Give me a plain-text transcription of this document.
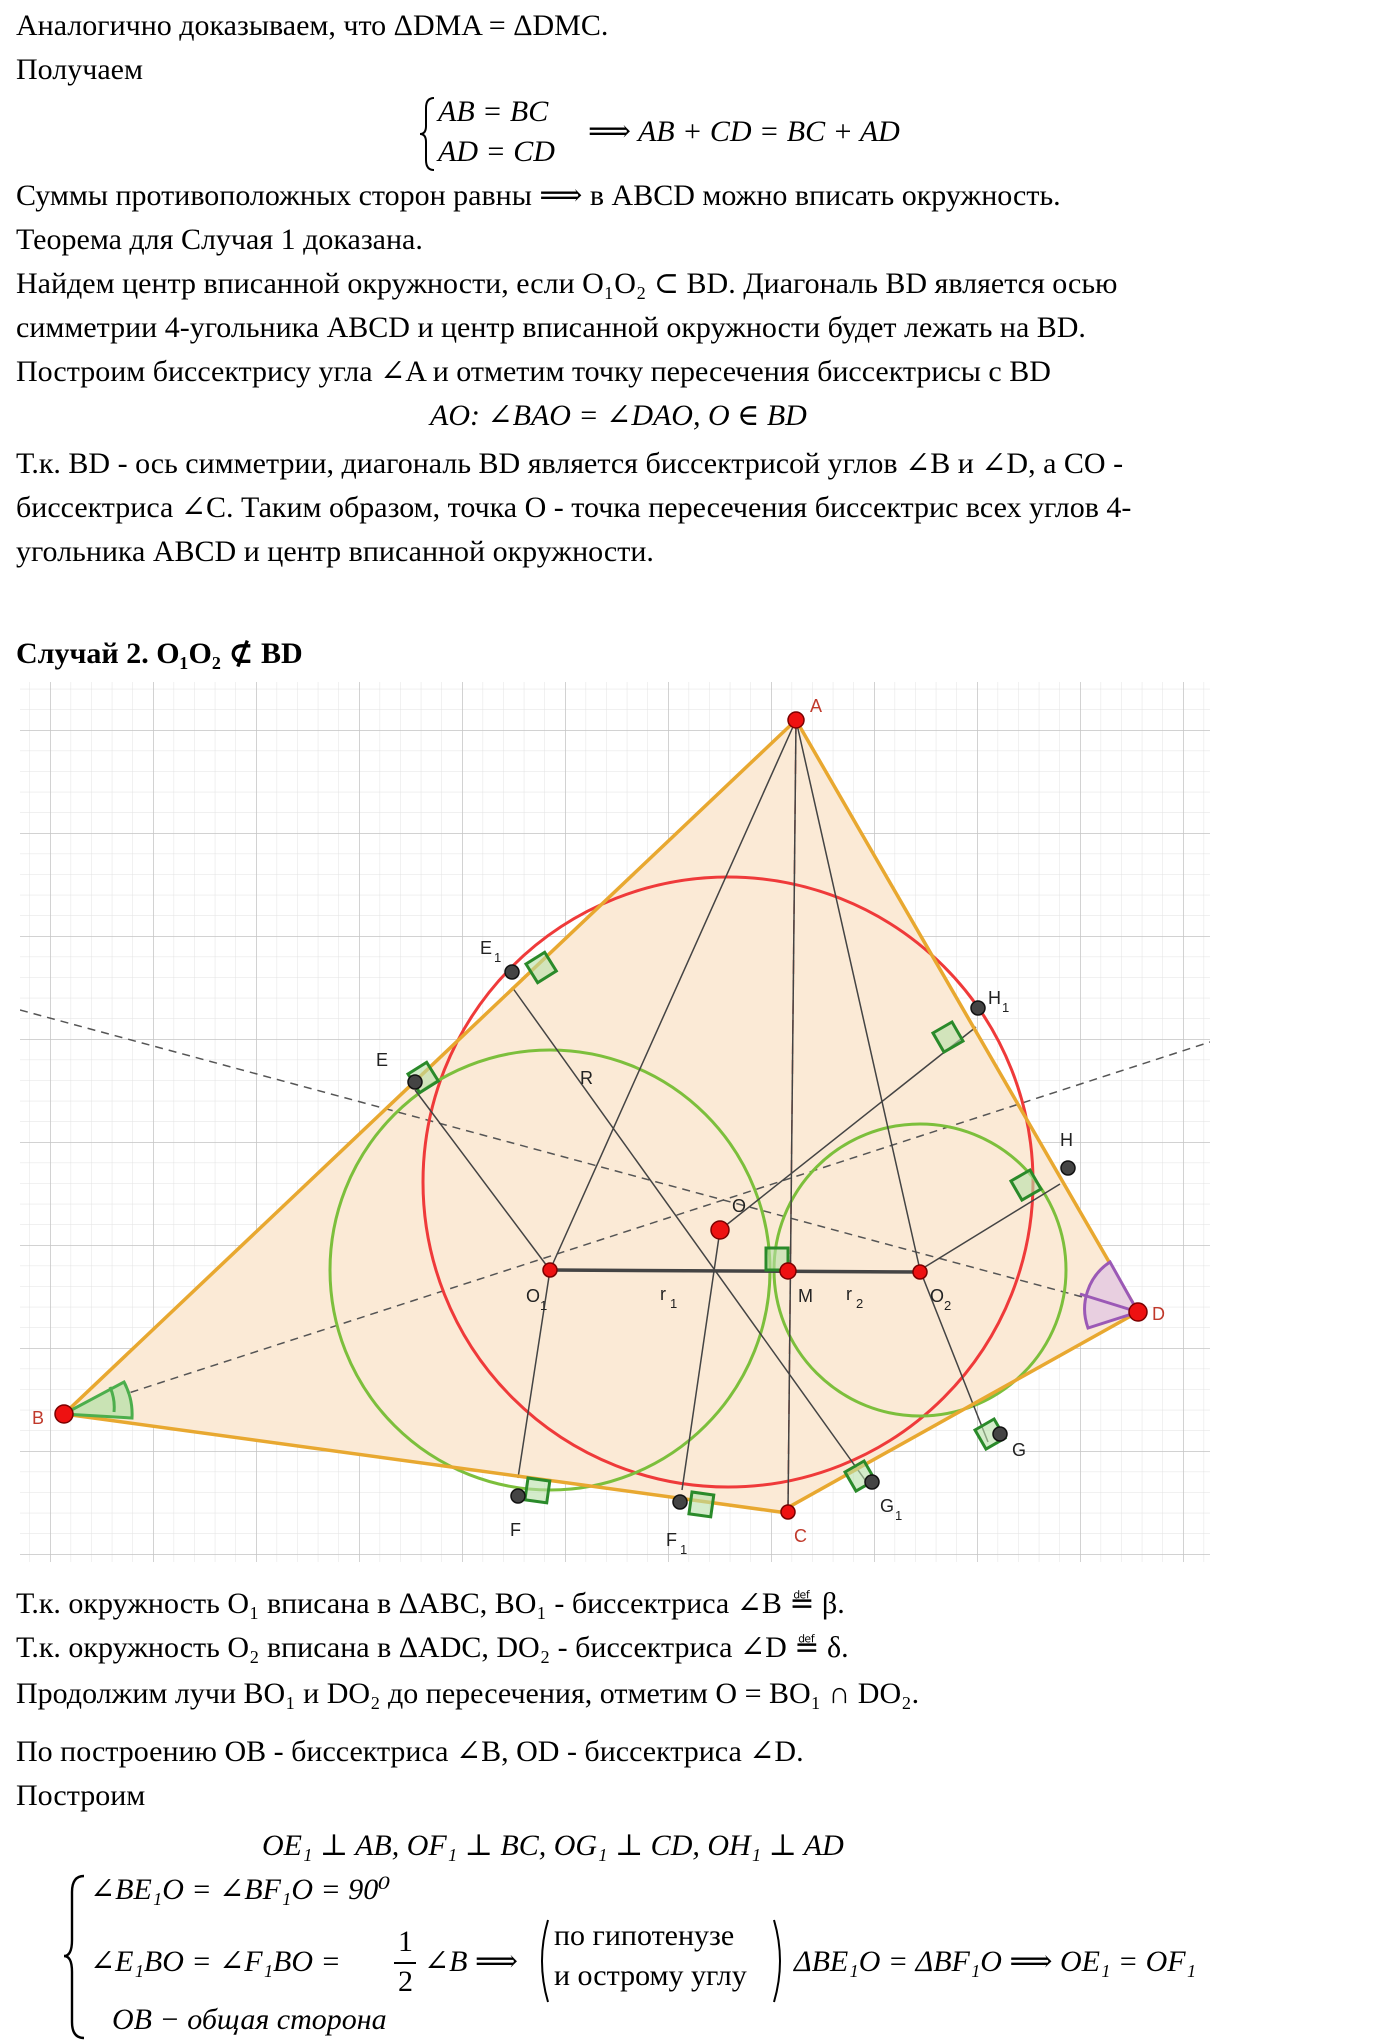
Аналогично доказываем, что ΔDMA = ΔDMC.
Получаем
AB = BC
AD = CD
⟹ AB + CD = BC + AD
Суммы противоположных сторон равны ⟹ в ABCD можно вписать окружность.
Теорема для Случая 1 доказана.
Найдем центр вписанной окружности, если O₁O₂ ⊂ BD. Диагональ BD является осью
симметрии 4-угольника ABCD и центр вписанной окружности будет лежать на BD.
Построим биссектрису угла ∠A и отметим точку пересечения биссектрисы с BD
AO: ∠BAO = ∠DAO, O ∈ BD
Т.к. BD - ось симметрии, диагональ BD является биссектрисой углов ∠B и ∠D, а CO -
биссектриса ∠C. Таким образом, точка O - точка пересечения биссектрис всех углов 4-
угольника ABCD и центр вписанной окружности.
Случай 2. O₁O₂ ⊄ BD
A
B
C
D
E
E 1
F	F 1
G
G 1
H
H 1
O
O 1	O 2
M
R
r 1	r 2
Т.к. окружность O₁ вписана в ΔABC, BO₁ - биссектриса ∠B ≝ β.
Т.к. окружность O₂ вписана в ΔADC, DO₂ - биссектриса ∠D ≝ δ.
Продолжим лучи BO₁ и DO₂ до пересечения, отметим O = BO₁ ∩ DO₂.
По построению OB - биссектриса ∠B, OD - биссектриса ∠D.
Построим
OE₁ ⊥ AB, OF₁ ⊥ BC, OG₁ ⊥ CD, OH₁ ⊥ AD
∠BE₁O = ∠BF₁O = 90⁰
∠E₁BO = ∠F₁BO =
1
2
∠B ⟹
по гипотенузе
и острому углу ΔBE₁O = ΔBF₁O ⟹ OE₁ = OF₁
OB − общая сторона
